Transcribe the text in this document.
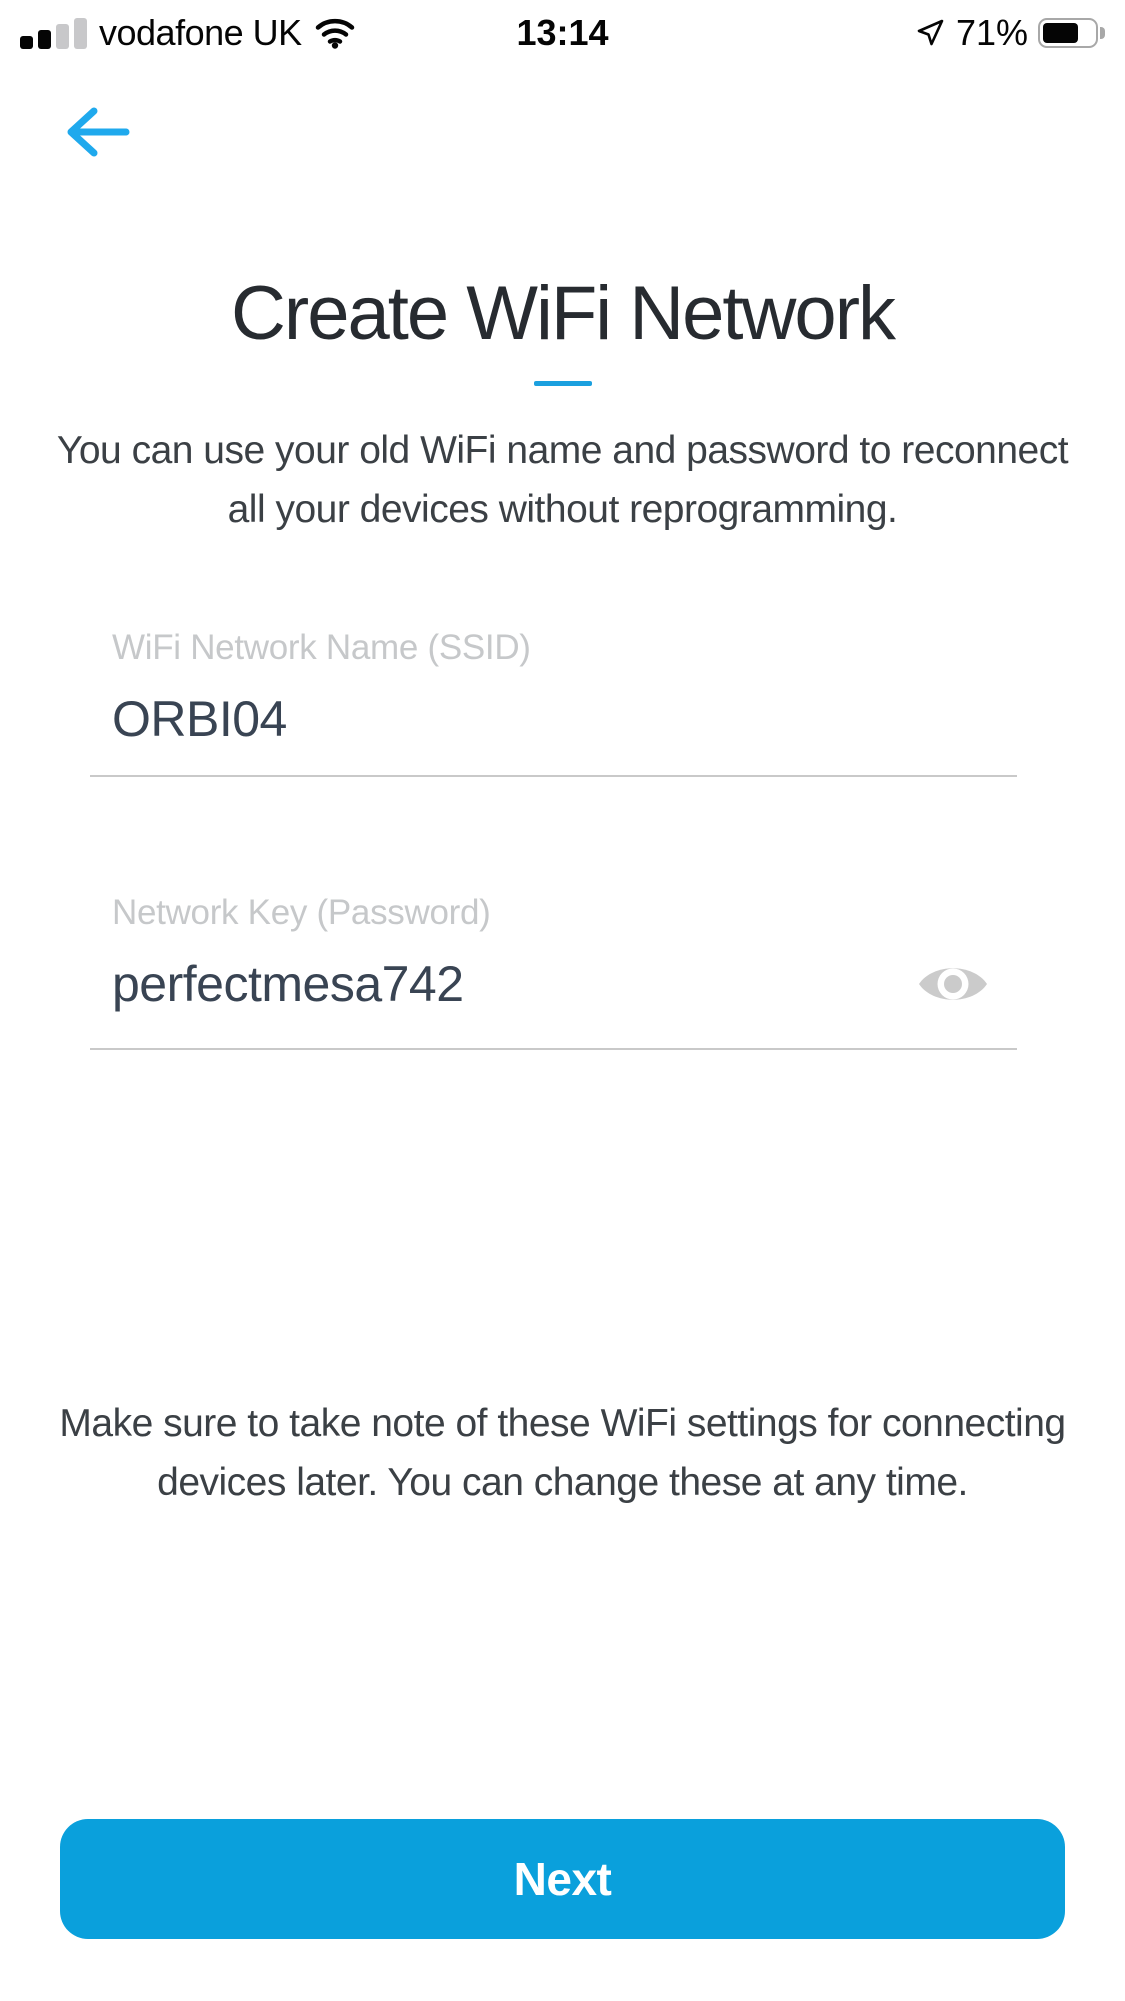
vodafone UK	13:14	71%
Create WiFi Network

You can use your old WiFi name and password to reconnect all your devices without reprogramming.

WiFi Network Name (SSID)
ORBI04
Network Key (Password)
perfectmesa742

Make sure to take note of these WiFi settings for connecting devices later. You can change these at any time.

Next
